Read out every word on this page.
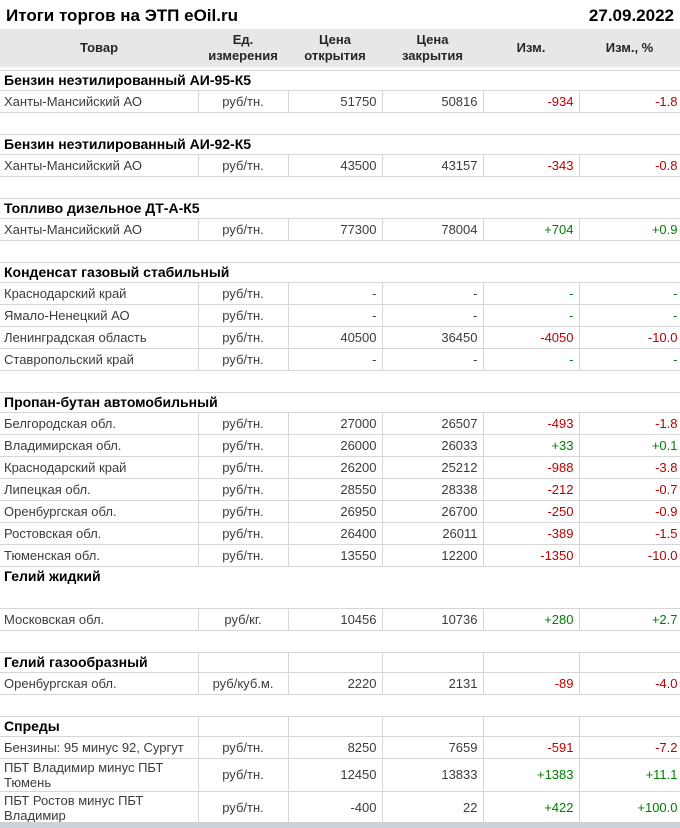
Итоги торгов на ЭТП eOil.ru	27.09.2022
Товар	Ед. измерения	Цена открытия	Цена закрытия	Изм.	Изм., %

Бензин неэтилированный АИ-95-К5					
Ханты-Мансийский АО	руб/тн.	51750	50816	-934	-1.8

Бензин неэтилированный АИ-92-К5					
Ханты-Мансийский АО	руб/тн.	43500	43157	-343	-0.8

Топливо дизельное ДТ-А-К5					
Ханты-Мансийский АО	руб/тн.	77300	78004	+704	+0.9

Конденсат газовый стабильный					
Краснодарский край	руб/тн.	-	-	-	-
Ямало-Ненецкий АО	руб/тн.	-	-	-	-
Ленинградская область	руб/тн.	40500	36450	-4050	-10.0
Ставропольский край	руб/тн.	-	-	-	-

Пропан-бутан автомобильный					
Белгородская обл.	руб/тн.	27000	26507	-493	-1.8
Владимирская обл.	руб/тн.	26000	26033	+33	+0.1
Краснодарский край	руб/тн.	26200	25212	-988	-3.8
Липецкая обл.	руб/тн.	28550	28338	-212	-0.7
Оренбургская обл.	руб/тн.	26950	26700	-250	-0.9
Ростовская обл.	руб/тн.	26400	26011	-389	-1.5
Тюменская обл.	руб/тн.	13550	12200	-1350	-10.0
Гелий жидкий					

Московская обл.	руб/кг.	10456	10736	+280	+2.7

Гелий газообразный					
Оренбургская обл.	руб/куб.м.	2220	2131	-89	-4.0

Спреды					
Бензины: 95 минус 92, Сургут	руб/тн.	8250	7659	-591	-7.2
ПБТ Владимир минус ПБТ Тюмень	руб/тн.	12450	13833	+1383	+11.1
ПБТ Ростов минус ПБТ Владимир	руб/тн.	-400	22	+422	+100.0
